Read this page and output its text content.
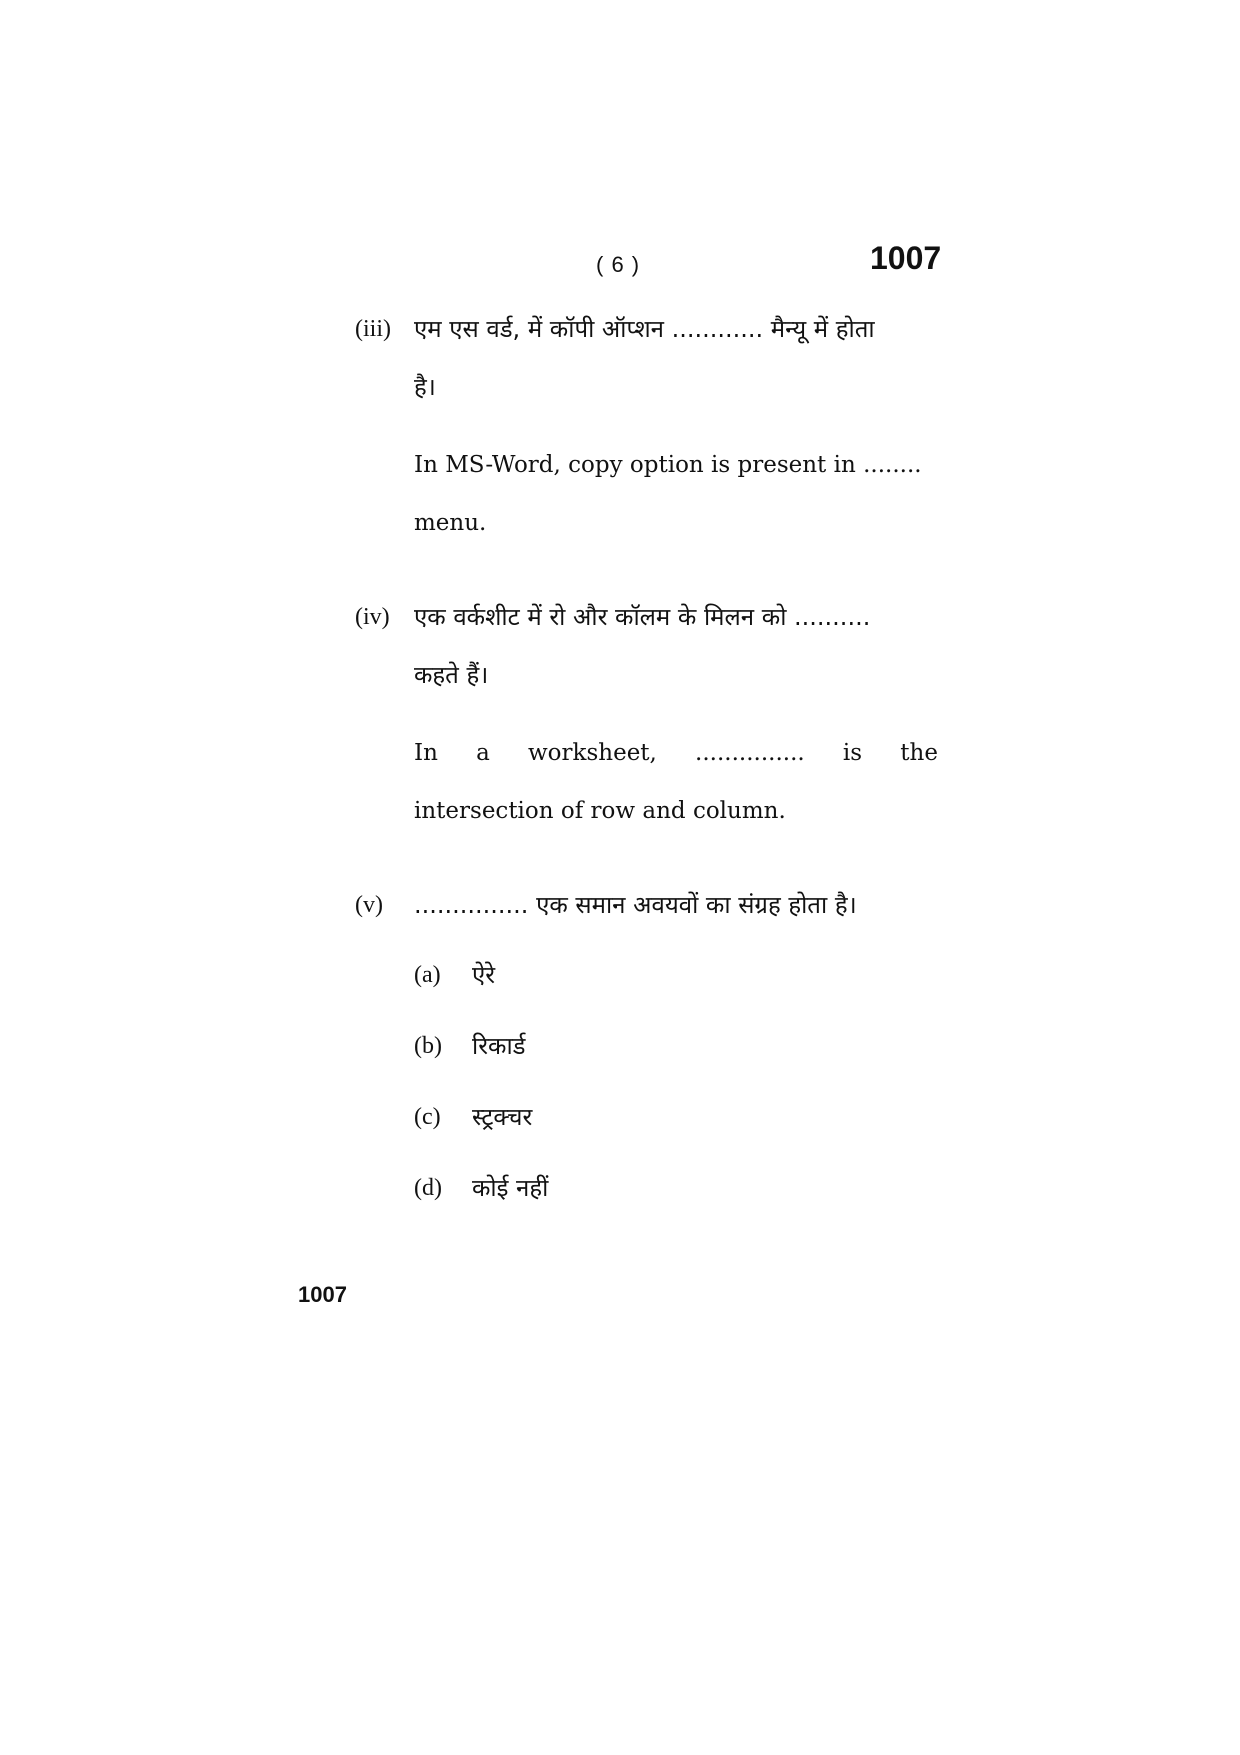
( 6 )	1007
(iii) एम एस वर्ड, में कॉपी ऑप्शन ............ मैन्यू में होता
है।
In MS-Word, copy option is present in ........
menu.
(iv) एक वर्कशीट में रो और कॉलम के मिलन को ..........
कहते हैं।
In a worksheet, ............... is the
intersection of row and column.
(v) ............... एक समान अवयवों का संग्रह होता है।
(a) ऐरे
(b) रिकार्ड
(c) स्ट्रक्चर
(d) कोई नहीं
1007
